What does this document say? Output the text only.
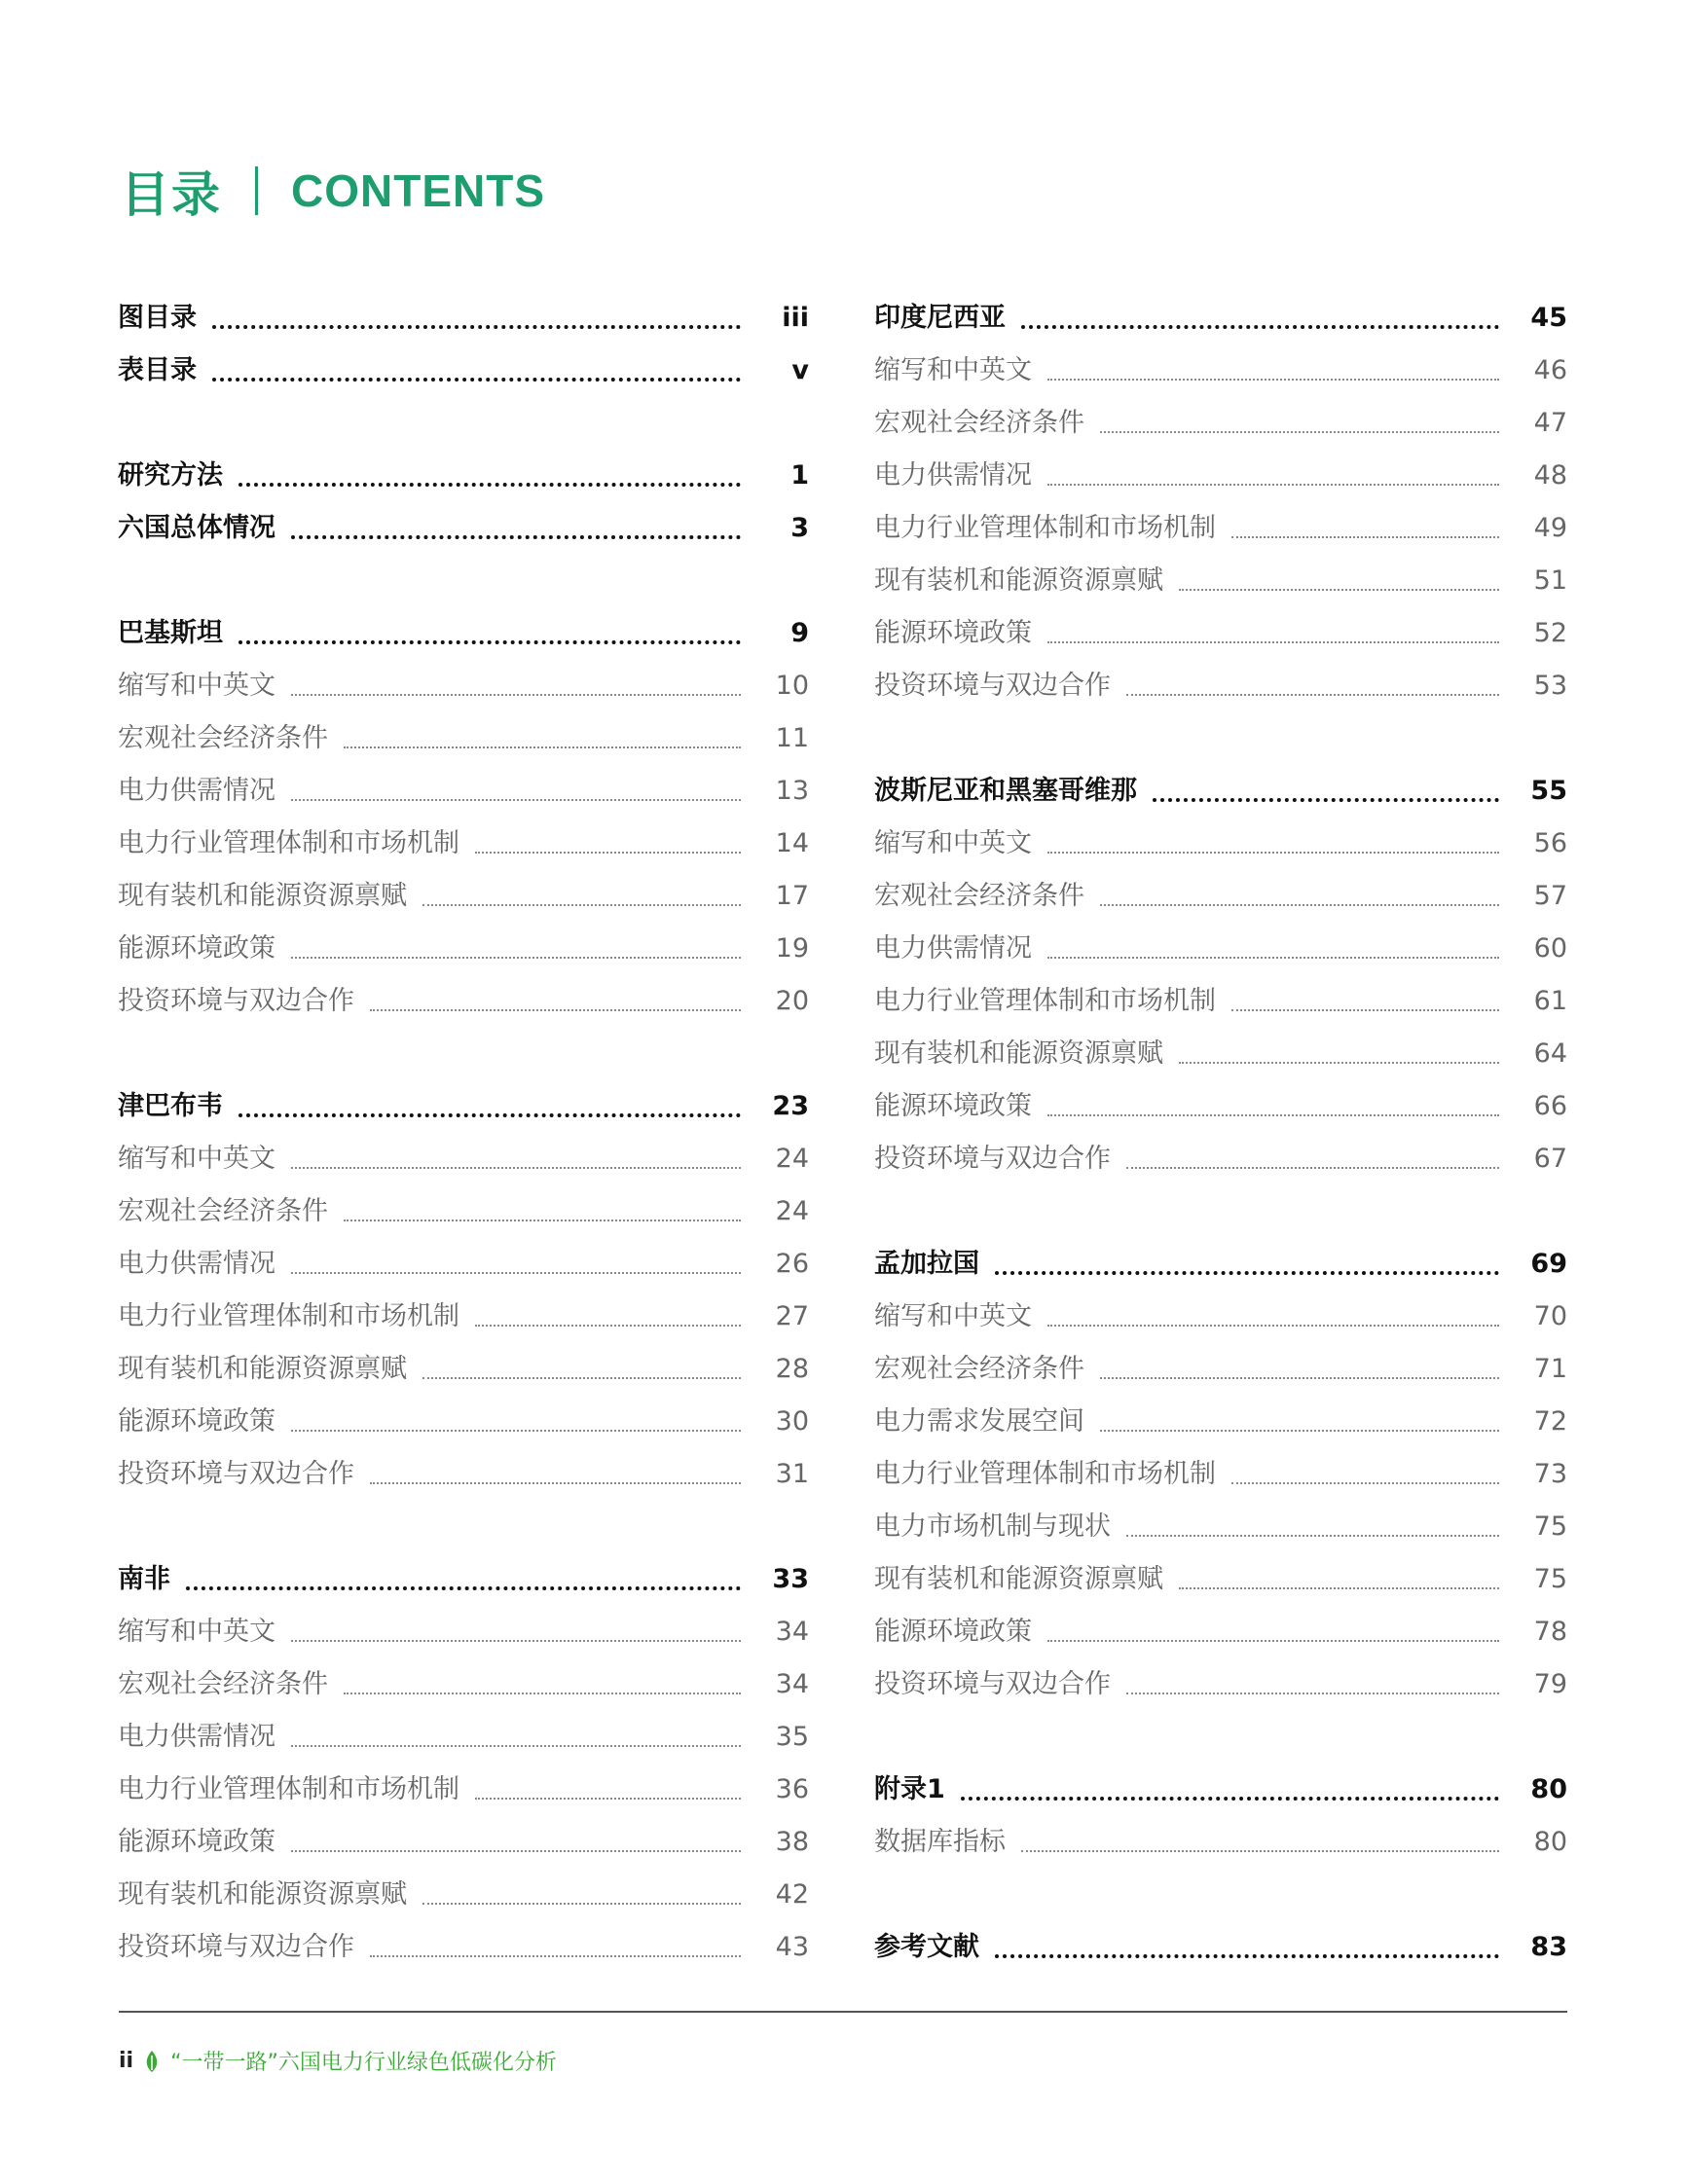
目录 CONTENTS
图目录	iii
表目录	v
研究方法	1
六国总体情况	3
巴基斯坦	9
缩写和中英文	10
宏观社会经济条件	11
电力供需情况	13
电力行业管理体制和市场机制	14
现有装机和能源资源禀赋	17
能源环境政策	19
投资环境与双边合作	20
津巴布韦	23
缩写和中英文	24
宏观社会经济条件	24
电力供需情况	26
电力行业管理体制和市场机制	27
现有装机和能源资源禀赋	28
能源环境政策	30
投资环境与双边合作	31
南非	33
缩写和中英文	34
宏观社会经济条件	34
电力供需情况	35
电力行业管理体制和市场机制	36
能源环境政策	38
现有装机和能源资源禀赋	42
投资环境与双边合作	43
印度尼西亚	45
缩写和中英文	46
宏观社会经济条件	47
电力供需情况	48
电力行业管理体制和市场机制	49
现有装机和能源资源禀赋	51
能源环境政策	52
投资环境与双边合作	53
波斯尼亚和黑塞哥维那	55
缩写和中英文	56
宏观社会经济条件	57
电力供需情况	60
电力行业管理体制和市场机制	61
现有装机和能源资源禀赋	64
能源环境政策	66
投资环境与双边合作	67
孟加拉国	69
缩写和中英文	70
宏观社会经济条件	71
电力需求发展空间	72
电力行业管理体制和市场机制	73
电力市场机制与现状	75
现有装机和能源资源禀赋	75
能源环境政策	78
投资环境与双边合作	79
附录1	80
数据库指标	80
参考文献	83
ii “一带一路”六国电力行业绿色低碳化分析
